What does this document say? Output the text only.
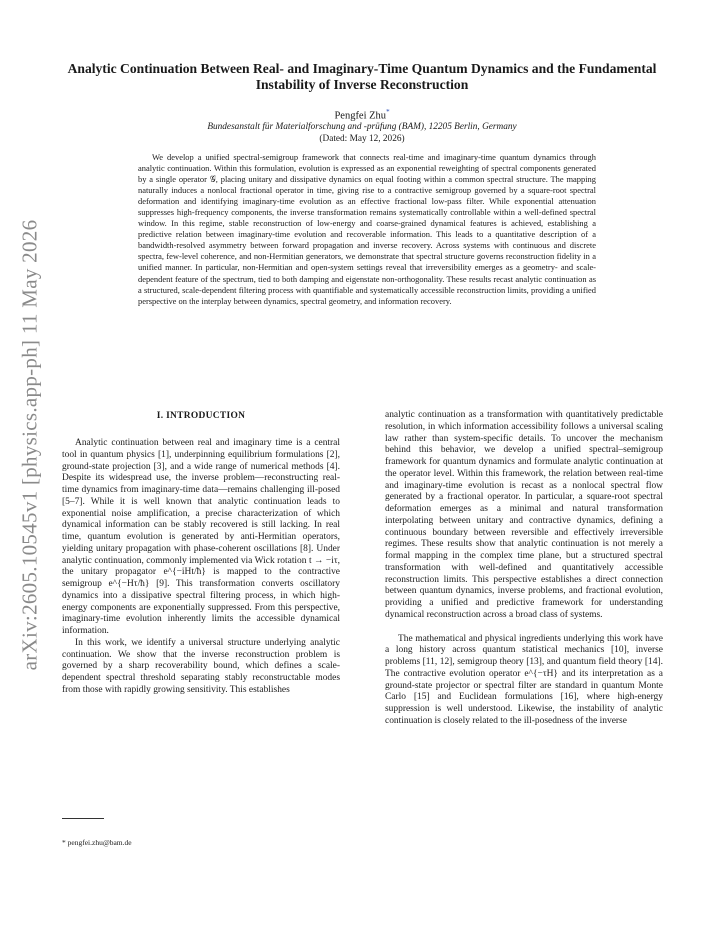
arXiv:2605.10545v1 [physics.app-ph] 11 May 2026
Analytic Continuation Between Real- and Imaginary-Time Quantum Dynamics and the Fundamental Instability of Inverse Reconstruction
Pengfei Zhu*
Bundesanstalt für Materialforschung and -prüfung (BAM), 12205 Berlin, Germany
(Dated: May 12, 2026)

We develop a unified spectral-semigroup framework that connects real-time and imaginary-time quantum dynamics through analytic continuation. Within this formulation, evolution is expressed as an exponential reweighting of spectral components generated by a single operator 𝒢, placing unitary and dissipative dynamics on equal footing within a common spectral structure. The mapping naturally induces a nonlocal fractional operator in time, giving rise to a contractive semigroup governed by a square-root spectral deformation and identifying imaginary-time evolution as an effective fractional low-pass filter. While exponential attenuation suppresses high-frequency components, the inverse transformation remains systematically controllable within a well-defined spectral window. In this regime, stable reconstruction of low-energy and coarse-grained dynamical features is achieved, establishing a predictive relation between imaginary-time evolution and recoverable information. This leads to a quantitative description of a bandwidth-resolved asymmetry between forward propagation and inverse recovery. Across systems with continuous and discrete spectra, few-level coherence, and non-Hermitian generators, we demonstrate that spectral structure governs reconstruction fidelity in a unified manner. In particular, non-Hermitian and open-system settings reveal that irreversibility emerges as a geometry- and scale-dependent feature of the spectrum, tied to both damping and eigenstate non-orthogonality. These results recast analytic continuation as a structured, scale-dependent filtering process with quantifiable and systematically accessible reconstruction limits, providing a unified perspective on the interplay between dynamics, spectral geometry, and information recovery.

I. INTRODUCTION

Analytic continuation between real and imaginary time is a central tool in quantum physics [1], underpinning equilibrium formulations [2], ground-state projection [3], and a wide range of numerical methods [4]. Despite its widespread use, the inverse problem—reconstructing real-time dynamics from imaginary-time data—remains challenging ill-posed [5–7]. While it is well known that analytic continuation leads to exponential noise amplification, a precise characterization of which dynamical information can be stably recovered is still lacking. In real time, quantum evolution is generated by anti-Hermitian operators, yielding unitary propagation with phase-coherent oscillations [8]. Under analytic continuation, commonly implemented via Wick rotation t → −iτ, the unitary propagator e^{−iHt/ħ} is mapped to the contractive semigroup e^{−Hτ/ħ} [9]. This transformation converts oscillatory dynamics into a dissipative spectral filtering process, in which high-energy components are exponentially suppressed. From this perspective, imaginary-time evolution inherently limits the accessible dynamical information.

In this work, we identify a universal structure underlying analytic continuation. We show that the inverse reconstruction problem is governed by a sharp recoverability bound, which defines a scale-dependent spectral threshold separating stably reconstructable modes from those with rapidly growing sensitivity. This establishes

analytic continuation as a transformation with quantitatively predictable resolution, in which information accessibility follows a universal scaling law rather than system-specific details. To uncover the mechanism behind this behavior, we develop a unified spectral–semigroup framework for quantum dynamics and formulate analytic continuation at the operator level. Within this framework, the relation between real-time and imaginary-time evolution is recast as a nonlocal spectral flow generated by a fractional operator. In particular, a square-root spectral deformation emerges as a minimal and natural transformation interpolating between unitary and contractive dynamics, defining a continuous boundary between reversible and effectively irreversible regimes. These results show that analytic continuation is not merely a formal mapping in the complex time plane, but a structured spectral transformation with well-defined and quantitatively accessible reconstruction limits. This perspective establishes a direct connection between quantum dynamics, inverse problems, and fractional evolution, providing a unified and predictive framework for understanding dynamical reconstruction across a broad class of systems.

The mathematical and physical ingredients underlying this work have a long history across quantum statistical mechanics [10], inverse problems [11, 12], semigroup theory [13], and quantum field theory [14]. The contractive evolution operator e^{−τH} and its interpretation as a ground-state projector or spectral filter are standard in quantum Monte Carlo [15] and Euclidean formulations [16], where high-energy suppression is well understood. Likewise, the instability of analytic continuation is closely related to the ill-posedness of the inverse

* pengfei.zhu@bam.de
